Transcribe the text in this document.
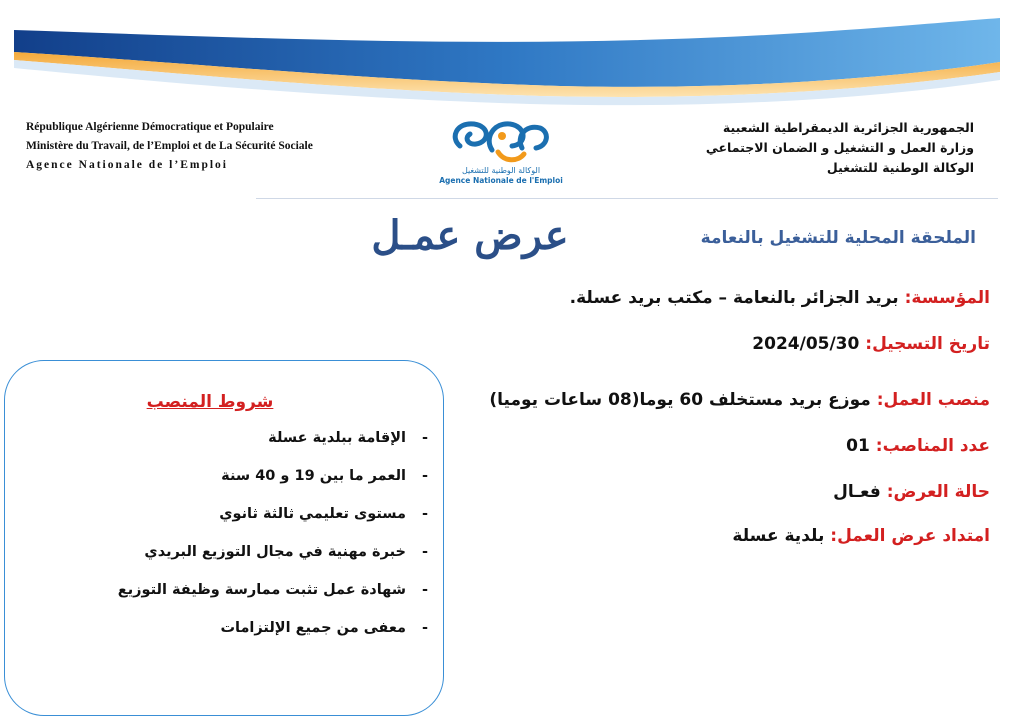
République Algérienne Démocratique et Populaire
Ministère du Travail, de l’Emploi et de La Sécurité Sociale
Agence Nationale de l’Emploi	الوكالة الوطنية للتشغيل
Agence Nationale de l'Emploi
الجمهورية الجزائرية الديمقراطية الشعبية
وزارة العمل و التشغيل و الضمان الاجتماعي
الوكالة الوطنية للتشغيل
الملحقة المحلية للتشغيل بالنعامة
عرض عمـل
المؤسسة: بريد الجزائر بالنعامة – مكتب بريد عسلة.
تاريخ التسجيل: 2024/05/30
منصب العمل: موزع بريد مستخلف 60 يوما(08 ساعات يوميا)
عدد المناصب: 01
حالة العرض: فعـال
امتداد عرض العمل: بلدية عسلة
شروط المنصب
-الإقامة ببلدية عسلة
-العمر ما بين 19 و 40 سنة
-مستوى تعليمي ثالثة ثانوي
-خبرة مهنية في مجال التوزيع البريدي
-شهادة عمل تثبت ممارسة وظيفة التوزيع
-معفى من جميع الإلتزامات
